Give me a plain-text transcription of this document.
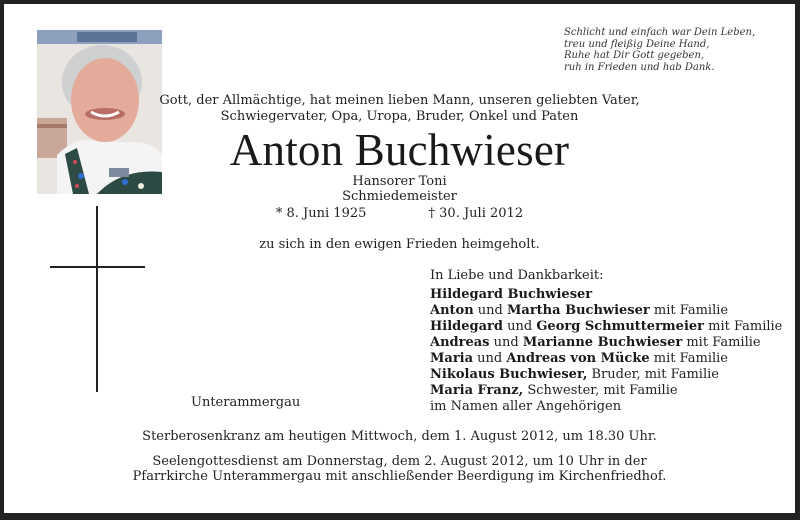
Schlicht und einfach war Dein Leben,
treu und fleißig Deine Hand,
Ruhe hat Dir Gott gegeben,
ruh in Frieden und hab Dank.
Gott, der Allmächtige, hat meinen lieben Mann, unseren geliebten Vater,
Schwiegervater, Opa, Uropa, Bruder, Onkel und Paten
Anton Buchwieser
Hansorer Toni
Schmiedemeister
* 8. Juni 1925	† 30. Juli 2012
zu sich in den ewigen Frieden heimgeholt.
Unterammergau
In Liebe und Dankbarkeit:
Hildegard Buchwieser
Anton und Martha Buchwieser mit Familie
Hildegard und Georg Schmuttermeier mit Familie
Andreas und Marianne Buchwieser mit Familie
Maria und Andreas von Mücke mit Familie
Nikolaus Buchwieser, Bruder, mit Familie
Maria Franz, Schwester, mit Familie
im Namen aller Angehörigen
Sterberosenkranz am heutigen Mittwoch, dem 1. August 2012, um 18.30 Uhr.
Seelengottesdienst am Donnerstag, dem 2. August 2012, um 10 Uhr in der
Pfarrkirche Unterammergau mit anschließender Beerdigung im Kirchenfriedhof.
